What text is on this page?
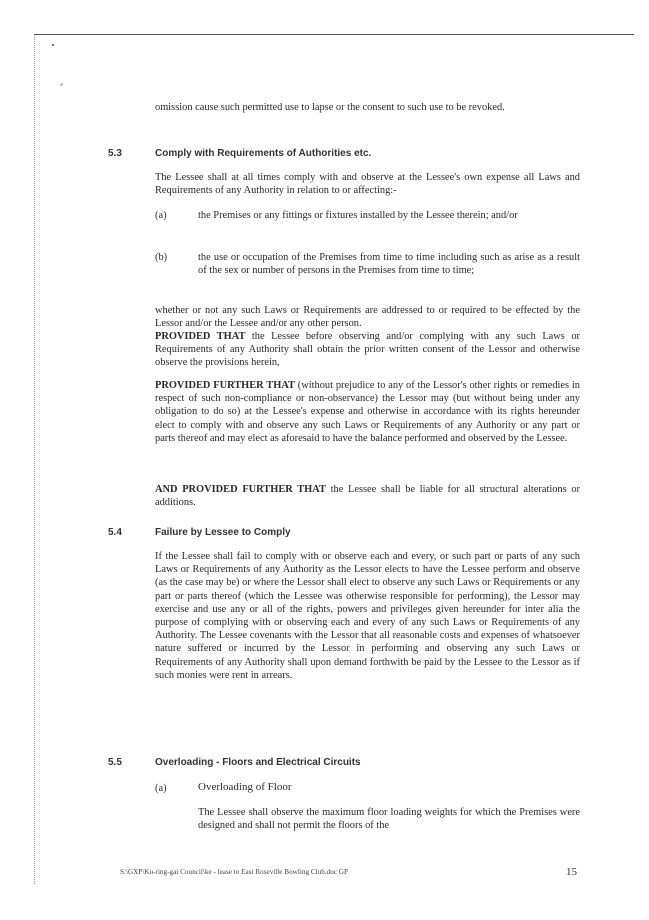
omission cause such permitted use to lapse or the consent to such use to be revoked.

5.3	Comply with Requirements of Authorities etc.

The Lessee shall at all times comply with and observe at the Lessee's own expense all Laws and Requirements of any Authority in relation to or affecting:-

(a)	the Premises or any fittings or fixtures installed by the Lessee therein; and/or

(b)	the use or occupation of the Premises from time to time including such as arise as a result of the sex or number of persons in the Premises from time to time;

whether or not any such Laws or Requirements are addressed to or required to be effected by the Lessor and/or the Lessee and/or any other person.

PROVIDED THAT the Lessee before observing and/or complying with any such Laws or Requirements of any Authority shall obtain the prior written consent of the Lessor and otherwise observe the provisions herein,

PROVIDED FURTHER THAT (without prejudice to any of the Lessor's other rights or remedies in respect of such non-compliance or non-observance) the Lessor may (but without being under any obligation to do so) at the Lessee's expense and otherwise in accordance with its rights hereunder elect to comply with and observe any such Laws or Requirements of any Authority or any part or parts thereof and may elect as aforesaid to have the balance performed and observed by the Lessee.

AND PROVIDED FURTHER THAT the Lessee shall be liable for all structural alterations or additions.

5.4	Failure by Lessee to Comply

If the Lessee shall fail to comply with or observe each and every, or such part or parts of any such Laws or Requirements of any Authority as the Lessor elects to have the Lessee perform and observe (as the case may be) or where the Lessor shall elect to observe any such Laws or Requirements or any part or parts thereof (which the Lessee was otherwise responsible for performing), the Lessor may exercise and use any or all of the rights, powers and privileges given hereunder for inter alia the purpose of complying with or observing each and every of any such Laws or Requirements of any Authority. The Lessee covenants with the Lessor that all reasonable costs and expenses of whatsoever nature suffered or incurred by the Lessor in performing and observing any such Laws or Requirements of any Authority shall upon demand forthwith be paid by the Lessee to the Lessor as if such monies were rent in arrears.

5.5	Overloading - Floors and Electrical Circuits
(a)	Overloading of Floor

The Lessee shall observe the maximum floor loading weights for which the Premises were designed and shall not permit the floors of the

S:\GXP\Ku-ring-gai Council\ke - lease to East Roseville Bowling Club.doc GP	15
